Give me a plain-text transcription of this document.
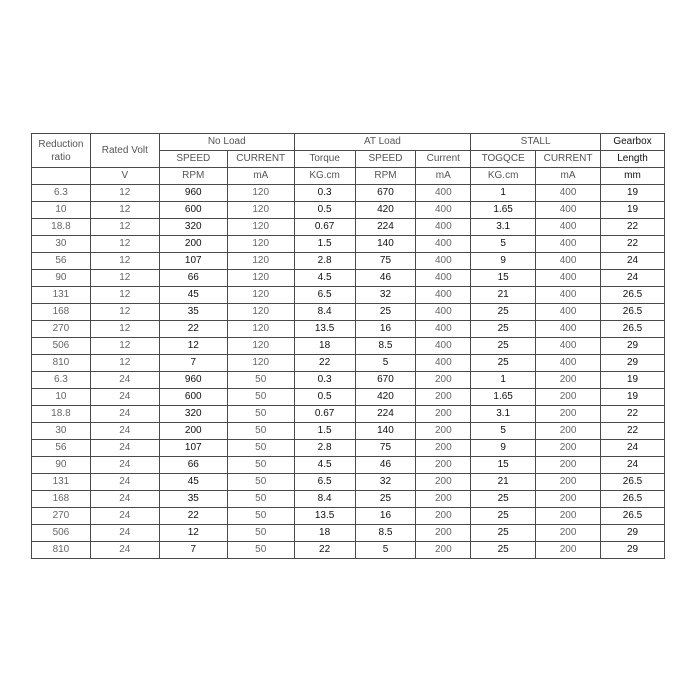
Reduction ratio	Rated Volt	No Load		AT Load			STALL		Gearbox
		SPEED	CURRENT	Torque	SPEED	Current	TOGQCE	CURRENT	Length
	V	RPM	mA	KG.cm	RPM	mA	KG.cm	mA	mm
6.3	12	960	120	0.3	670	400	1	400	19
10	12	600	120	0.5	420	400	1.65	400	19
18.8	12	320	120	0.67	224	400	3.1	400	22
30	12	200	120	1.5	140	400	5	400	22
56	12	107	120	2.8	75	400	9	400	24
90	12	66	120	4.5	46	400	15	400	24
131	12	45	120	6.5	32	400	21	400	26.5
168	12	35	120	8.4	25	400	25	400	26.5
270	12	22	120	13.5	16	400	25	400	26.5
506	12	12	120	18	8.5	400	25	400	29
810	12	7	120	22	5	400	25	400	29
6.3	24	960	50	0.3	670	200	1	200	19
10	24	600	50	0.5	420	200	1.65	200	19
18.8	24	320	50	0.67	224	200	3.1	200	22
30	24	200	50	1.5	140	200	5	200	22
56	24	107	50	2.8	75	200	9	200	24
90	24	66	50	4.5	46	200	15	200	24
131	24	45	50	6.5	32	200	21	200	26.5
168	24	35	50	8.4	25	200	25	200	26.5
270	24	22	50	13.5	16	200	25	200	26.5
506	24	12	50	18	8.5	200	25	200	29
810	24	7	50	22	5	200	25	200	29
